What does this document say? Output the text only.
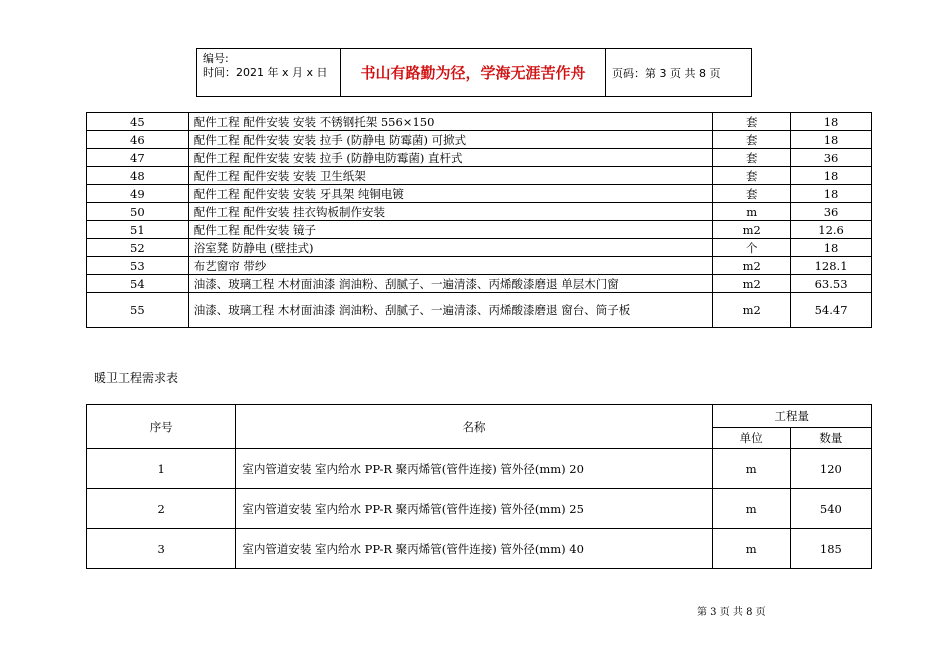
编号:
时间：2021 年 x 月 x 日	书山有路勤为径，学海无涯苦作舟	页码：第 3 页 共 8 页
45	配件工程 配件安装 安装 不锈钢托架 556×150	套	18
46	配件工程 配件安装 安装 拉手 (防静电 防霉菌) 可掀式	套	18
47	配件工程 配件安装 安装 拉手 (防静电防霉菌) 直杆式	套	36
48	配件工程 配件安装 安装 卫生纸架	套	18
49	配件工程 配件安装 安装 牙具架 纯铜电镀	套	18
50	配件工程 配件安装 挂衣钩板制作安装	m	36
51	配件工程 配件安装 镜子	m2	12.6
52	浴室凳 防静电 (壁挂式)	个	18
53	布艺窗帘 带纱	m2	128.1
54	油漆、玻璃工程 木材面油漆 润油粉、刮腻子、一遍清漆、丙烯酸漆磨退 单层木门窗	m2	63.53
55	油漆、玻璃工程 木材面油漆 润油粉、刮腻子、一遍清漆、丙烯酸漆磨退 窗台、筒子板	m2	54.47
暖卫工程需求表
序号	名称	工程量	
		单位	数量
1	室内管道安装 室内给水 PP-R 聚丙烯管(管件连接) 管外径(mm) 20	m	120
2	室内管道安装 室内给水 PP-R 聚丙烯管(管件连接) 管外径(mm) 25	m	540
3	室内管道安装 室内给水 PP-R 聚丙烯管(管件连接) 管外径(mm) 40	m	185
第 3 页 共 8 页
